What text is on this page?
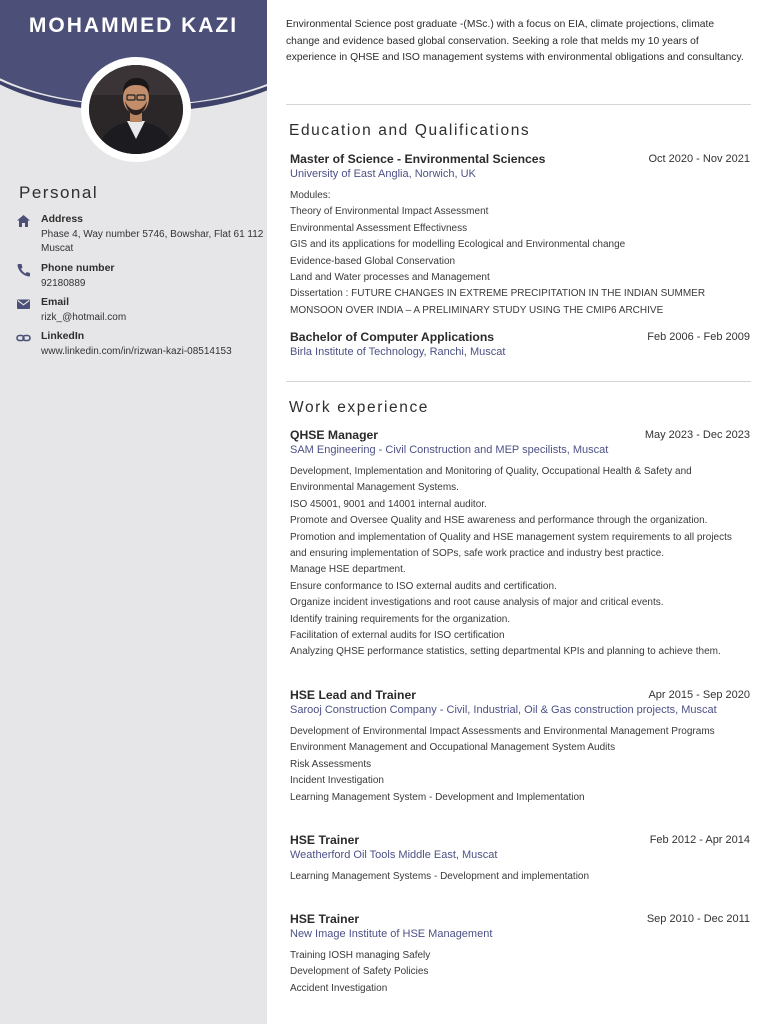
MOHAMMED KAZI
Personal
Address
Phase 4, Way number 5746, Bowshar, Flat 61 112 Muscat
Phone number
92180889
Email
rizk_@hotmail.com
LinkedIn
www.linkedin.com/in/rizwan-kazi-08514153
Environmental Science post graduate -(MSc.) with a focus on EIA, climate projections, climate change and evidence based global conservation. Seeking a role that melds my 10 years of experience in QHSE and ISO management systems with environmental obligations and consultancy.
Education and Qualifications
Master of Science - Environmental Sciences	Oct 2020 - Nov 2021
University of East Anglia, Norwich, UK
Modules:
Theory of Environmental Impact Assessment
Environmental Assessment Effectivness
GIS and its applications for modelling Ecological and Environmental change
Evidence-based Global Conservation
Land and Water processes and Management
Dissertation : FUTURE CHANGES IN EXTREME PRECIPITATION IN THE INDIAN SUMMER MONSOON OVER INDIA – A PRELIMINARY STUDY USING THE CMIP6 ARCHIVE
Bachelor of Computer Applications	Feb 2006 - Feb 2009
Birla Institute of Technology, Ranchi, Muscat
Work experience
QHSE Manager	May 2023 - Dec 2023
SAM Engineering - Civil Construction and MEP specilists, Muscat
Development, Implementation and Monitoring of Quality, Occupational Health & Safety and Environmental Management Systems.
ISO 45001, 9001 and 14001 internal auditor.
Promote and Oversee Quality and HSE awareness and performance through the organization.
Promotion and implementation of Quality and HSE management system requirements to all projects and ensuring implementation of SOPs, safe work practice and industry best practice.
Manage HSE department.
Ensure conformance to ISO external audits and certification.
Organize incident investigations and root cause analysis of major and critical events.
Identify training requirements for the organization.
Facilitation of external audits for ISO certification
Analyzing QHSE performance statistics, setting departmental KPIs and planning to achieve them.
HSE Lead and Trainer	Apr 2015 - Sep 2020
Sarooj Construction Company - Civil, Industrial, Oil & Gas construction projects, Muscat
Development of Environmental Impact Assessments and Environmental Management Programs
Environment Management and Occupational Management System Audits
Risk Assessments
Incident Investigation
Learning Management System - Development and Implementation
HSE Trainer	Feb 2012 - Apr 2014
Weatherford Oil Tools Middle East, Muscat
Learning Management Systems - Development and implementation
HSE Trainer	Sep 2010 - Dec 2011
New Image Institute of HSE Management
Training IOSH managing Safely
Development of Safety Policies
Accident Investigation
